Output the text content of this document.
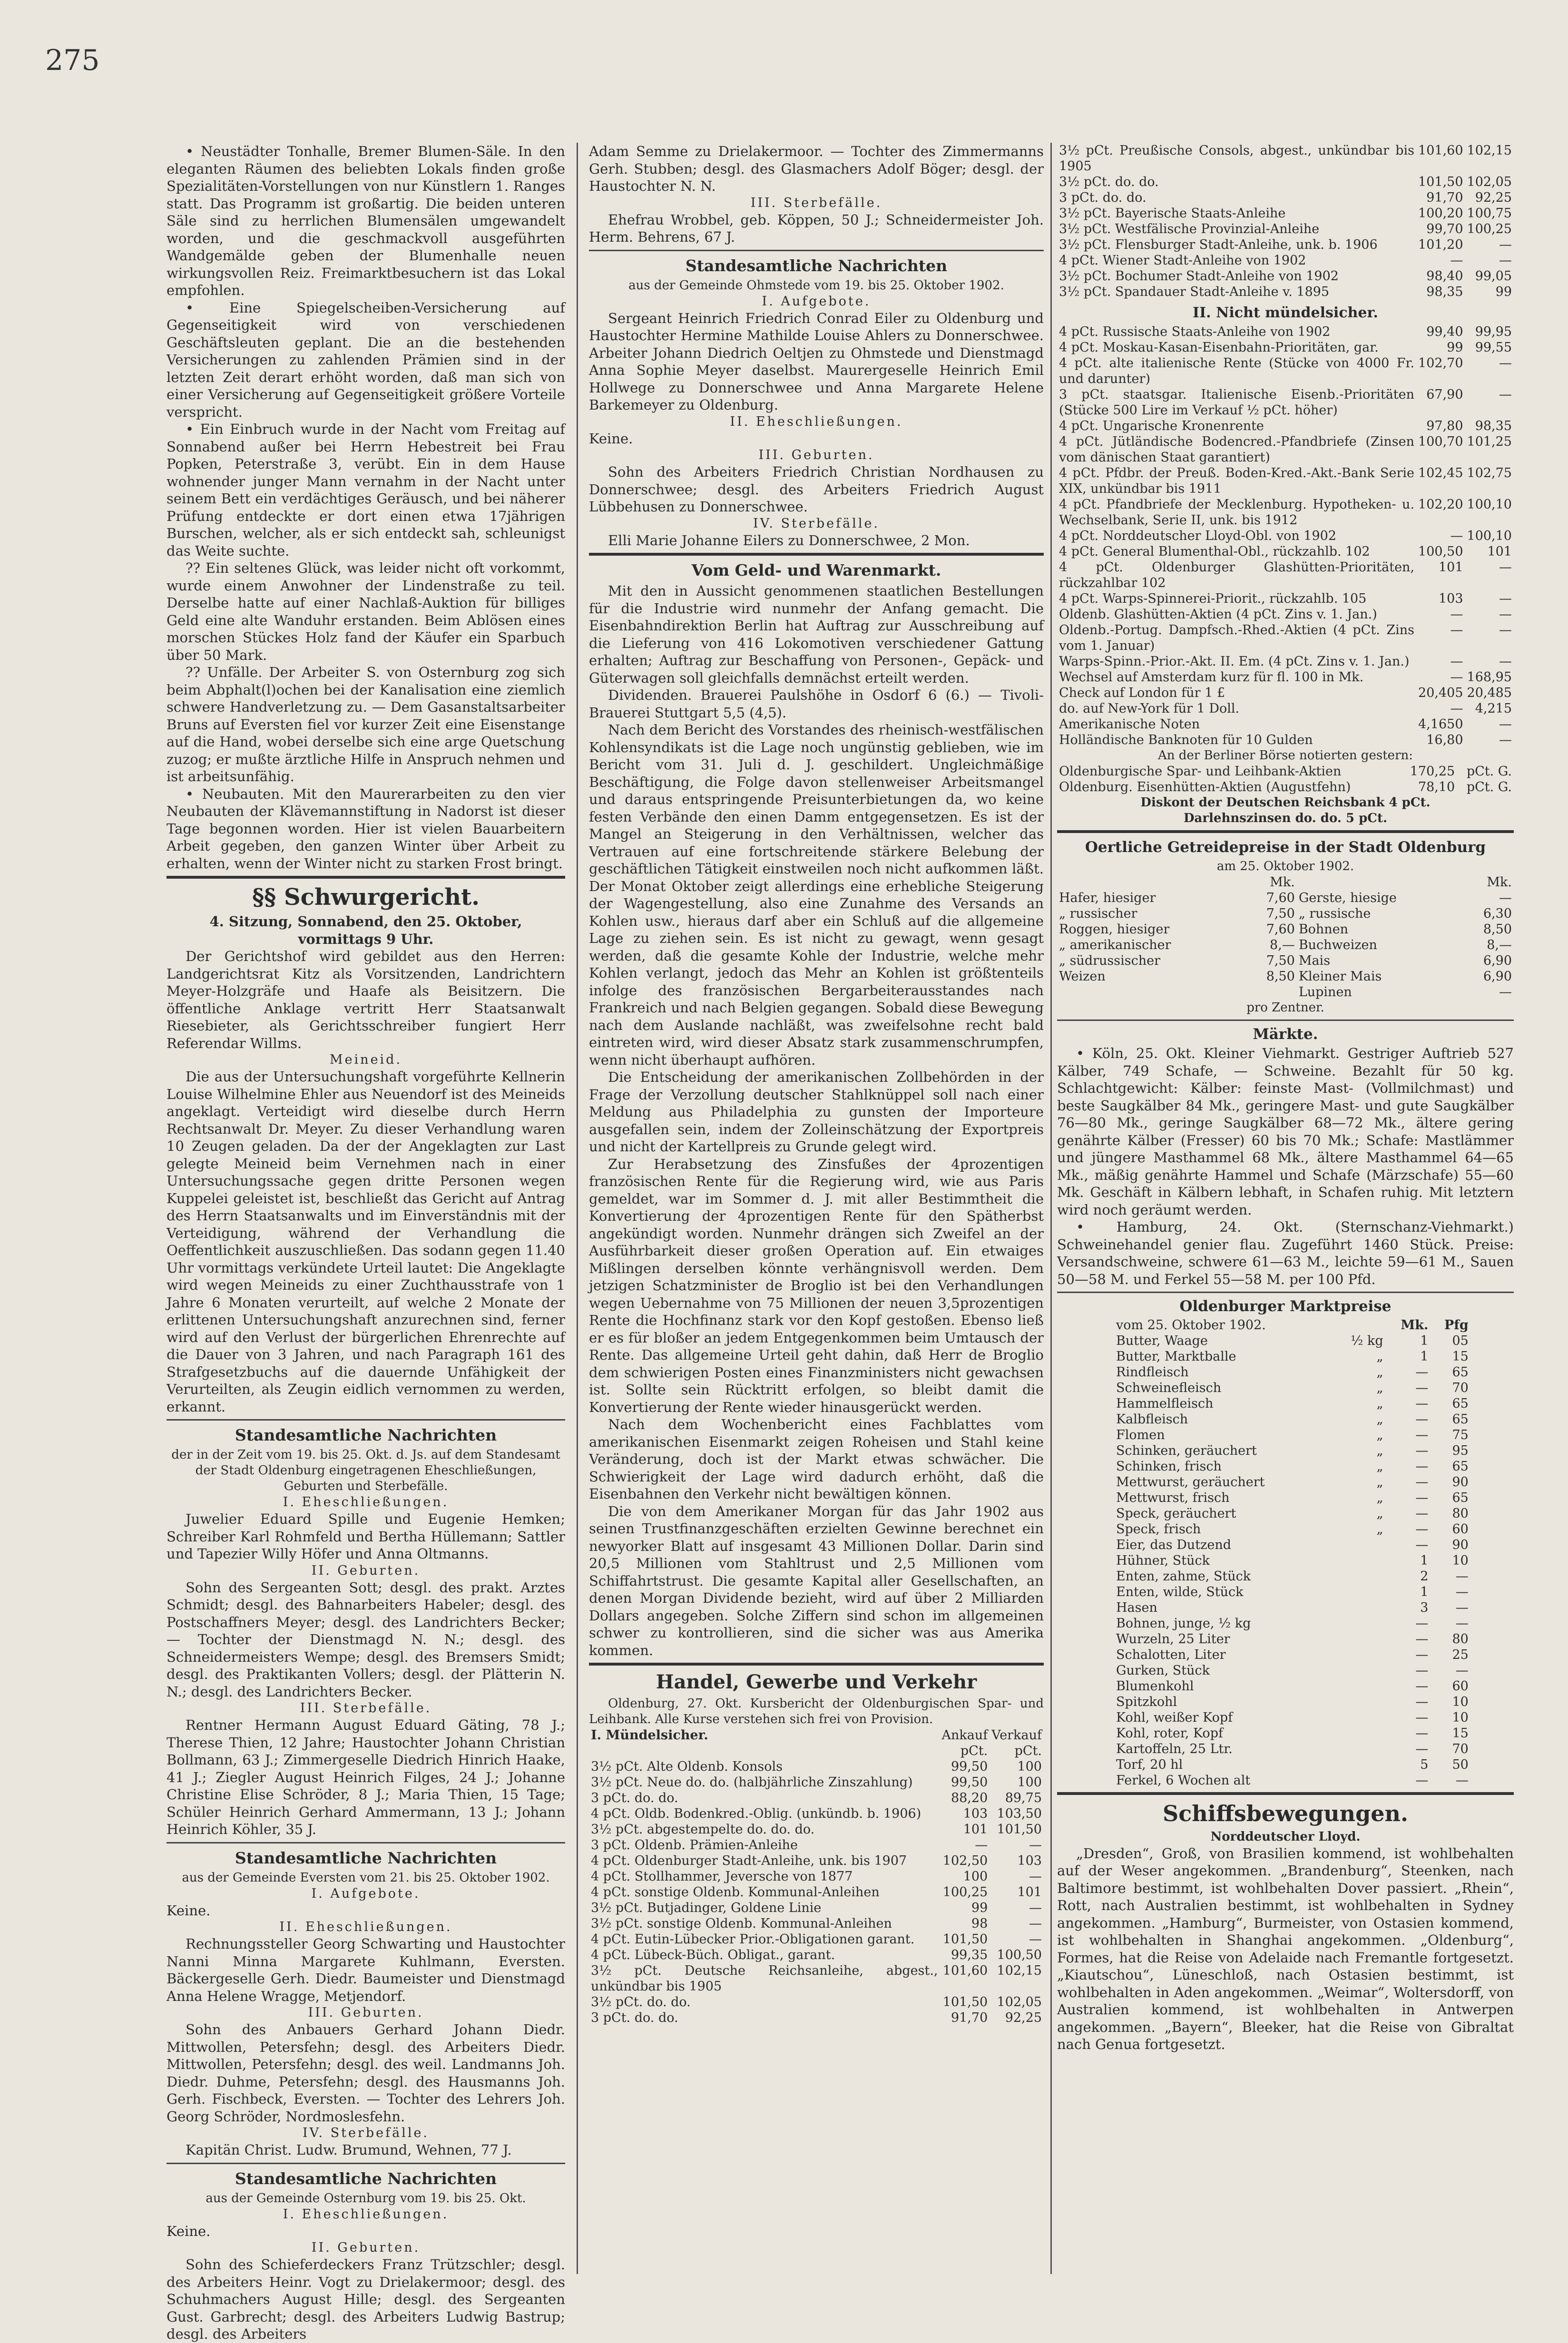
275

• Neustädter Tonhalle, Bremer Blumen-Säle. In den eleganten Räumen des beliebten Lokals finden große Spezialitäten-Vorstellungen von nur Künstlern 1. Ranges statt. Das Programm ist großartig. Die beiden unteren Säle sind zu herrlichen Blumensälen umgewandelt worden, und die geschmackvoll ausgeführten Wandgemälde geben der Blumenhalle neuen wirkungsvollen Reiz. Freimarktbesuchern ist das Lokal empfohlen.

• Eine Spiegelscheiben-Versicherung auf Gegenseitigkeit wird von verschiedenen Geschäftsleuten geplant. Die an die bestehenden Versicherungen zu zahlenden Prämien sind in der letzten Zeit derart erhöht worden, daß man sich von einer Versicherung auf Gegenseitigkeit größere Vorteile verspricht.

• Ein Einbruch wurde in der Nacht vom Freitag auf Sonnabend außer bei Herrn Hebestreit bei Frau Popken, Peterstraße 3, verübt. Ein in dem Hause wohnender junger Mann vernahm in der Nacht unter seinem Bett ein verdächtiges Geräusch, und bei näherer Prüfung entdeckte er dort einen etwa 17jährigen Burschen, welcher, als er sich entdeckt sah, schleunigst das Weite suchte.

?? Ein seltenes Glück, was leider nicht oft vorkommt, wurde einem Anwohner der Lindenstraße zu teil. Derselbe hatte auf einer Nachlaß-Auktion für billiges Geld eine alte Wanduhr erstanden. Beim Ablösen eines morschen Stückes Holz fand der Käufer ein Sparbuch über 50 Mark.

?? Unfälle. Der Arbeiter S. von Osternburg zog sich beim Abphalt(l)ochen bei der Kanalisation eine ziemlich schwere Handverletzung zu. — Dem Gasanstaltsarbeiter Bruns auf Eversten fiel vor kurzer Zeit eine Eisenstange auf die Hand, wobei derselbe sich eine arge Quetschung zuzog; er mußte ärztliche Hilfe in Anspruch nehmen und ist arbeitsunfähig.

• Neubauten. Mit den Maurerarbeiten zu den vier Neubauten der Klävemannstiftung in Nadorst ist dieser Tage begonnen worden. Hier ist vielen Bauarbeitern Arbeit gegeben, den ganzen Winter über Arbeit zu erhalten, wenn der Winter nicht zu starken Frost bringt.

§§ Schwurgericht.

4. Sitzung, Sonnabend, den 25. Oktober, vormittags 9 Uhr.

Der Gerichtshof wird gebildet aus den Herren: Landgerichtsrat Kitz als Vorsitzenden, Landrichtern Meyer-Holzgräfe und Haafe als Beisitzern. Die öffentliche Anklage vertritt Herr Staatsanwalt Riesebieter, als Gerichtsschreiber fungiert Herr Referendar Willms.

Meineid.

Die aus der Untersuchungshaft vorgeführte Kellnerin Louise Wilhelmine Ehler aus Neuendorf ist des Meineids angeklagt. Verteidigt wird dieselbe durch Herrn Rechtsanwalt Dr. Meyer. Zu dieser Verhandlung waren 10 Zeugen geladen. Da der der Angeklagten zur Last gelegte Meineid beim Vernehmen nach in einer Untersuchungssache gegen dritte Personen wegen Kuppelei geleistet ist, beschließt das Gericht auf Antrag des Herrn Staatsanwalts und im Einverständnis mit der Verteidigung, während der Verhandlung die Oeffentlichkeit auszuschließen. Das sodann gegen 11.40 Uhr vormittags verkündete Urteil lautet: Die Angeklagte wird wegen Meineids zu einer Zuchthausstrafe von 1 Jahre 6 Monaten verurteilt, auf welche 2 Monate der erlittenen Untersuchungshaft anzurechnen sind, ferner wird auf den Verlust der bürgerlichen Ehrenrechte auf die Dauer von 3 Jahren, und nach Paragraph 161 des Strafgesetzbuchs auf die dauernde Unfähigkeit der Verurteilten, als Zeugin eidlich vernommen zu werden, erkannt.

Standesamtliche Nachrichten

der in der Zeit vom 19. bis 25. Okt. d. Js. auf dem Standesamt der Stadt Oldenburg eingetragenen Eheschließungen, Geburten und Sterbefälle.

I. Eheschließungen.

Juwelier Eduard Spille und Eugenie Hemken; Schreiber Karl Rohmfeld und Bertha Hüllemann; Sattler und Tapezier Willy Höfer und Anna Oltmanns.

II. Geburten.

Sohn des Sergeanten Sott; desgl. des prakt. Arztes Schmidt; desgl. des Bahnarbeiters Habeler; desgl. des Postschaffners Meyer; desgl. des Landrichters Becker; — Tochter der Dienstmagd N. N.; desgl. des Schneidermeisters Wempe; desgl. des Bremsers Smidt; desgl. des Praktikanten Vollers; desgl. der Plätterin N. N.; desgl. des Landrichters Becker.

III. Sterbefälle.

Rentner Hermann August Eduard Gäting, 78 J.; Therese Thien, 12 Jahre; Haustochter Johann Christian Bollmann, 63 J.; Zimmergeselle Diedrich Hinrich Haake, 41 J.; Ziegler August Heinrich Filges, 24 J.; Johanne Christine Elise Schröder, 8 J.; Maria Thien, 15 Tage; Schüler Heinrich Gerhard Ammermann, 13 J.; Johann Heinrich Köhler, 35 J.

Standesamtliche Nachrichten

aus der Gemeinde Eversten vom 21. bis 25. Oktober 1902.

I. Aufgebote.

Keine.

II. Eheschließungen.

Rechnungssteller Georg Schwarting und Haustochter Nanni Minna Margarete Kuhlmann, Eversten. Bäckergeselle Gerh. Diedr. Baumeister und Dienstmagd Anna Helene Wragge, Metjendorf.

III. Geburten.

Sohn des Anbauers Gerhard Johann Diedr. Mittwollen, Petersfehn; desgl. des Arbeiters Diedr. Mittwollen, Petersfehn; desgl. des weil. Landmanns Joh. Diedr. Duhme, Petersfehn; desgl. des Hausmanns Joh. Gerh. Fischbeck, Eversten. — Tochter des Lehrers Joh. Georg Schröder, Nordmoslesfehn.

IV. Sterbefälle.

Kapitän Christ. Ludw. Brumund, Wehnen, 77 J.

Standesamtliche Nachrichten

aus der Gemeinde Osternburg vom 19. bis 25. Okt.

I. Eheschließungen.

Keine.

II. Geburten.

Sohn des Schieferdeckers Franz Trützschler; desgl. des Arbeiters Heinr. Vogt zu Drielakermoor; desgl. des Schuhmachers August Hille; desgl. des Sergeanten Gust. Garbrecht; desgl. des Arbeiters Ludwig Bastrup; desgl. des Arbeiters

Adam Semme zu Drielakermoor. — Tochter des Zimmermanns Gerh. Stubben; desgl. des Glasmachers Adolf Böger; desgl. der Haustochter N. N.

III. Sterbefälle.

Ehefrau Wrobbel, geb. Köppen, 50 J.; Schneidermeister Joh. Herm. Behrens, 67 J.

Standesamtliche Nachrichten

aus der Gemeinde Ohmstede vom 19. bis 25. Oktober 1902.

I. Aufgebote.

Sergeant Heinrich Friedrich Conrad Eiler zu Oldenburg und Haustochter Hermine Mathilde Louise Ahlers zu Donnerschwee. Arbeiter Johann Diedrich Oeltjen zu Ohmstede und Dienstmagd Anna Sophie Meyer daselbst. Maurergeselle Heinrich Emil Hollwege zu Donnerschwee und Anna Margarete Helene Barkemeyer zu Oldenburg.

II. Eheschließungen.

Keine.

III. Geburten.

Sohn des Arbeiters Friedrich Christian Nordhausen zu Donnerschwee; desgl. des Arbeiters Friedrich August Lübbehusen zu Donnerschwee.

IV. Sterbefälle.

Elli Marie Johanne Eilers zu Donnerschwee, 2 Mon.

Vom Geld- und Warenmarkt.

Mit den in Aussicht genommenen staatlichen Bestellungen für die Industrie wird nunmehr der Anfang gemacht. Die Eisenbahndirektion Berlin hat Auftrag zur Ausschreibung auf die Lieferung von 416 Lokomotiven verschiedener Gattung erhalten; Auftrag zur Beschaffung von Personen-, Gepäck- und Güterwagen soll gleichfalls demnächst erteilt werden.

Dividenden. Brauerei Paulshöhe in Osdorf 6 (6.) — Tivoli-Brauerei Stuttgart 5,5 (4,5).

Nach dem Bericht des Vorstandes des rheinisch-westfälischen Kohlensyndikats ist die Lage noch ungünstig geblieben, wie im Bericht vom 31. Juli d. J. geschildert. Ungleichmäßige Beschäftigung, die Folge davon stellenweiser Arbeitsmangel und daraus entspringende Preisunterbietungen da, wo keine festen Verbände den einen Damm entgegensetzen. Es ist der Mangel an Steigerung in den Verhältnissen, welcher das Vertrauen auf eine fortschreitende stärkere Belebung der geschäftlichen Tätigkeit einstweilen noch nicht aufkommen läßt. Der Monat Oktober zeigt allerdings eine erhebliche Steigerung der Wagengestellung, also eine Zunahme des Versands an Kohlen usw., hieraus darf aber ein Schluß auf die allgemeine Lage zu ziehen sein. Es ist nicht zu gewagt, wenn gesagt werden, daß die gesamte Kohle der Industrie, welche mehr Kohlen verlangt, jedoch das Mehr an Kohlen ist größtenteils infolge des französischen Bergarbeiterausstandes nach Frankreich und nach Belgien gegangen. Sobald diese Bewegung nach dem Auslande nachläßt, was zweifelsohne recht bald eintreten wird, wird dieser Absatz stark zusammenschrumpfen, wenn nicht überhaupt aufhören.

Die Entscheidung der amerikanischen Zollbehörden in der Frage der Verzollung deutscher Stahlknüppel soll nach einer Meldung aus Philadelphia zu gunsten der Importeure ausgefallen sein, indem der Zolleinschätzung der Exportpreis und nicht der Kartellpreis zu Grunde gelegt wird.

Zur Herabsetzung des Zinsfußes der 4prozentigen französischen Rente für die Regierung wird, wie aus Paris gemeldet, war im Sommer d. J. mit aller Bestimmtheit die Konvertierung der 4prozentigen Rente für den Spätherbst angekündigt worden. Nunmehr drängen sich Zweifel an der Ausführbarkeit dieser großen Operation auf. Ein etwaiges Mißlingen derselben könnte verhängnisvoll werden. Dem jetzigen Schatzminister de Broglio ist bei den Verhandlungen wegen Uebernahme von 75 Millionen der neuen 3,5prozentigen Rente die Hochfinanz stark vor den Kopf gestoßen. Ebenso ließ er es für bloßer an jedem Entgegenkommen beim Umtausch der Rente. Das allgemeine Urteil geht dahin, daß Herr de Broglio dem schwierigen Posten eines Finanzministers nicht gewachsen ist. Sollte sein Rücktritt erfolgen, so bleibt damit die Konvertierung der Rente wieder hinausgerückt werden.

Nach dem Wochenbericht eines Fachblattes vom amerikanischen Eisenmarkt zeigen Roheisen und Stahl keine Veränderung, doch ist der Markt etwas schwächer. Die Schwierigkeit der Lage wird dadurch erhöht, daß die Eisenbahnen den Verkehr nicht bewältigen können.

Die von dem Amerikaner Morgan für das Jahr 1902 aus seinen Trustfinanzgeschäften erzielten Gewinne berechnet ein newyorker Blatt auf insgesamt 43 Millionen Dollar. Darin sind 20,5 Millionen vom Stahltrust und 2,5 Millionen vom Schiffahrtstrust. Die gesamte Kapital aller Gesellschaften, an denen Morgan Dividende bezieht, wird auf über 2 Milliarden Dollars angegeben. Solche Ziffern sind schon im allgemeinen schwer zu kontrollieren, sind die sicher was aus Amerika kommen.

Handel, Gewerbe und Verkehr

Oldenburg, 27. Okt. Kursbericht der Oldenburgischen Spar- und Leihbank. Alle Kurse verstehen sich frei von Provision.

I. Mündelsicher.	Ankauf	Verkauf
	pCt.	pCt.
3½ pCt. Alte Oldenb. Konsols	99,50	100
3½ pCt. Neue do. do. (halbjährliche Zinszahlung)	99,50	100
3 pCt. do. do.	88,20	89,75
4 pCt. Oldb. Bodenkred.-Oblig. (unkündb. b. 1906)	103	103,50
3½ pCt. abgestempelte do. do. do.	101	101,50
3 pCt. Oldenb. Prämien-Anleihe	—	—
4 pCt. Oldenburger Stadt-Anleihe, unk. bis 1907	102,50	103
4 pCt. Stollhammer, Jeversche von 1877	100	—
4 pCt. sonstige Oldenb. Kommunal-Anleihen	100,25	101
3½ pCt. Butjadinger, Goldene Linie	99	—
3½ pCt. sonstige Oldenb. Kommunal-Anleihen	98	—
4 pCt. Eutin-Lübecker Prior.-Obligationen garant.	101,50	—
4 pCt. Lübeck-Büch. Obligat., garant.	99,35	100,50
3½ pCt. Deutsche Reichsanleihe, abgest., unkündbar bis 1905	101,60	102,15
3½ pCt. do. do.	101,50	102,05
3 pCt. do. do.	91,70	92,25
3½ pCt. Preußische Consols, abgest., unkündbar bis 1905	101,60	102,15
3½ pCt. do. do.	101,50	102,05
3 pCt. do. do.	91,70	92,25
3½ pCt. Bayerische Staats-Anleihe	100,20	100,75
3½ pCt. Westfälische Provinzial-Anleihe	99,70	100,25
3½ pCt. Flensburger Stadt-Anleihe, unk. b. 1906	101,20	—
4 pCt. Wiener Stadt-Anleihe von 1902	—	—
3½ pCt. Bochumer Stadt-Anleihe von 1902	98,40	99,05
3½ pCt. Spandauer Stadt-Anleihe v. 1895	98,35	99
II. Nicht mündelsicher.
4 pCt. Russische Staats-Anleihe von 1902	99,40	99,95
4 pCt. Moskau-Kasan-Eisenbahn-Prioritäten, gar.	99	99,55
4 pCt. alte italienische Rente (Stücke von 4000 Fr. und darunter)	102,70	—
3 pCt. staatsgar. Italienische Eisenb.-Prioritäten (Stücke 500 Lire im Verkauf ½ pCt. höher)	67,90	—
4 pCt. Ungarische Kronenrente	97,80	98,35
4 pCt. Jütländische Bodencred.-Pfandbriefe (Zinsen vom dänischen Staat garantiert)	100,70	101,25
4 pCt. Pfdbr. der Preuß. Boden-Kred.-Akt.-Bank Serie XIX, unkündbar bis 1911	102,45	102,75
4 pCt. Pfandbriefe der Mecklenburg. Hypotheken- u. Wechselbank, Serie II, unk. bis 1912	102,20	100,10
4 pCt. Norddeutscher Lloyd-Obl. von 1902	—	100,10
4 pCt. General Blumenthal-Obl., rückzahlb. 102	100,50	101
4 pCt. Oldenburger Glashütten-Prioritäten, rückzahlbar 102	101	—
4 pCt. Warps-Spinnerei-Priorit., rückzahlb. 105	103	—
Oldenb. Glashütten-Aktien (4 pCt. Zins v. 1. Jan.)	—	—
Oldenb.-Portug. Dampfsch.-Rhed.-Aktien (4 pCt. Zins vom 1. Januar)	—	—
Warps-Spinn.-Prior.-Akt. II. Em. (4 pCt. Zins v. 1. Jan.)	—	—
Wechsel auf Amsterdam kurz für fl. 100 in Mk.	—	168,95
Check auf London für 1 £	20,405	20,485
do. auf New-York für 1 Doll.	—	4,215
Amerikanische Noten	4,1650	—
Holländische Banknoten für 10 Gulden	16,80	—

An der Berliner Börse notierten gestern:

Oldenburgische Spar- und Leihbank-Aktien	170,25	pCt. G.
Oldenburg. Eisenhütten-Aktien (Augustfehn)	78,10	pCt. G.

Diskont der Deutschen Reichsbank 4 pCt.

Darlehnszinsen do. do. 5 pCt.

Oertliche Getreidepreise in der Stadt Oldenburg

am 25. Oktober 1902.

	Mk.		Mk.
Hafer, hiesiger	7,60	Gerste, hiesige	—
„ russischer	7,50	„ russische	6,30
Roggen, hiesiger	7,60	Bohnen	8,50
„ amerikanischer	8,—	Buchweizen	8,—
„ südrussischer	7,50	Mais	6,90
Weizen	8,50	Kleiner Mais	6,90
		Lupinen	—

pro Zentner.

Märkte.

• Köln, 25. Okt. Kleiner Viehmarkt. Gestriger Auftrieb 527 Kälber, 749 Schafe, — Schweine. Bezahlt für 50 kg. Schlachtgewicht: Kälber: feinste Mast- (Vollmilchmast) und beste Saugkälber 84 Mk., geringere Mast- und gute Saugkälber 76—80 Mk., geringe Saugkälber 68—72 Mk., ältere gering genährte Kälber (Fresser) 60 bis 70 Mk.; Schafe: Mastlämmer und jüngere Masthammel 68 Mk., ältere Masthammel 64—65 Mk., mäßig genährte Hammel und Schafe (Märzschafe) 55—60 Mk. Geschäft in Kälbern lebhaft, in Schafen ruhig. Mit letztern wird noch geräumt werden.

• Hamburg, 24. Okt. (Sternschanz-Viehmarkt.) Schweinehandel genier flau. Zugeführt 1460 Stück. Preise: Versandschweine, schwere 61—63 M., leichte 59—61 M., Sauen 50—58 M. und Ferkel 55—58 M. per 100 Pfd.

Oldenburger Marktpreise
vom 25. Oktober 1902.		Mk.	Pfg
Butter, Waage	½ kg	1	05
Butter, Marktballe	„	1	15
Rindfleisch	„	—	65
Schweinefleisch	„	—	70
Hammelfleisch	„	—	65
Kalbfleisch	„	—	65
Flomen	„	—	75
Schinken, geräuchert	„	—	95
Schinken, frisch	„	—	65
Mettwurst, geräuchert	„	—	90
Mettwurst, frisch	„	—	65
Speck, geräuchert	„	—	80
Speck, frisch	„	—	60
Eier, das Dutzend		—	90
Hühner, Stück		1	10
Enten, zahme, Stück		2	—
Enten, wilde, Stück		1	—
Hasen		3	—
Bohnen, junge, ½ kg		—	—
Wurzeln, 25 Liter		—	80
Schalotten, Liter		—	25
Gurken, Stück		—	—
Blumenkohl		—	60
Spitzkohl		—	10
Kohl, weißer Kopf		—	10
Kohl, roter, Kopf		—	15
Kartoffeln, 25 Ltr.		—	70
Torf, 20 hl		5	50
Ferkel, 6 Wochen alt		—	—
Schiffsbewegungen.

Norddeutscher Lloyd.

„Dresden“, Groß, von Brasilien kommend, ist wohlbehalten auf der Weser angekommen. „Brandenburg“, Steenken, nach Baltimore bestimmt, ist wohlbehalten Dover passiert. „Rhein“, Rott, nach Australien bestimmt, ist wohlbehalten in Sydney angekommen. „Hamburg“, Burmeister, von Ostasien kommend, ist wohlbehalten in Shanghai angekommen. „Oldenburg“, Formes, hat die Reise von Adelaide nach Fremantle fortgesetzt. „Kiautschou“, Lüneschloß, nach Ostasien bestimmt, ist wohlbehalten in Aden angekommen. „Weimar“, Woltersdorff, von Australien kommend, ist wohlbehalten in Antwerpen angekommen. „Bayern“, Bleeker, hat die Reise von Gibraltat nach Genua fortgesetzt.
